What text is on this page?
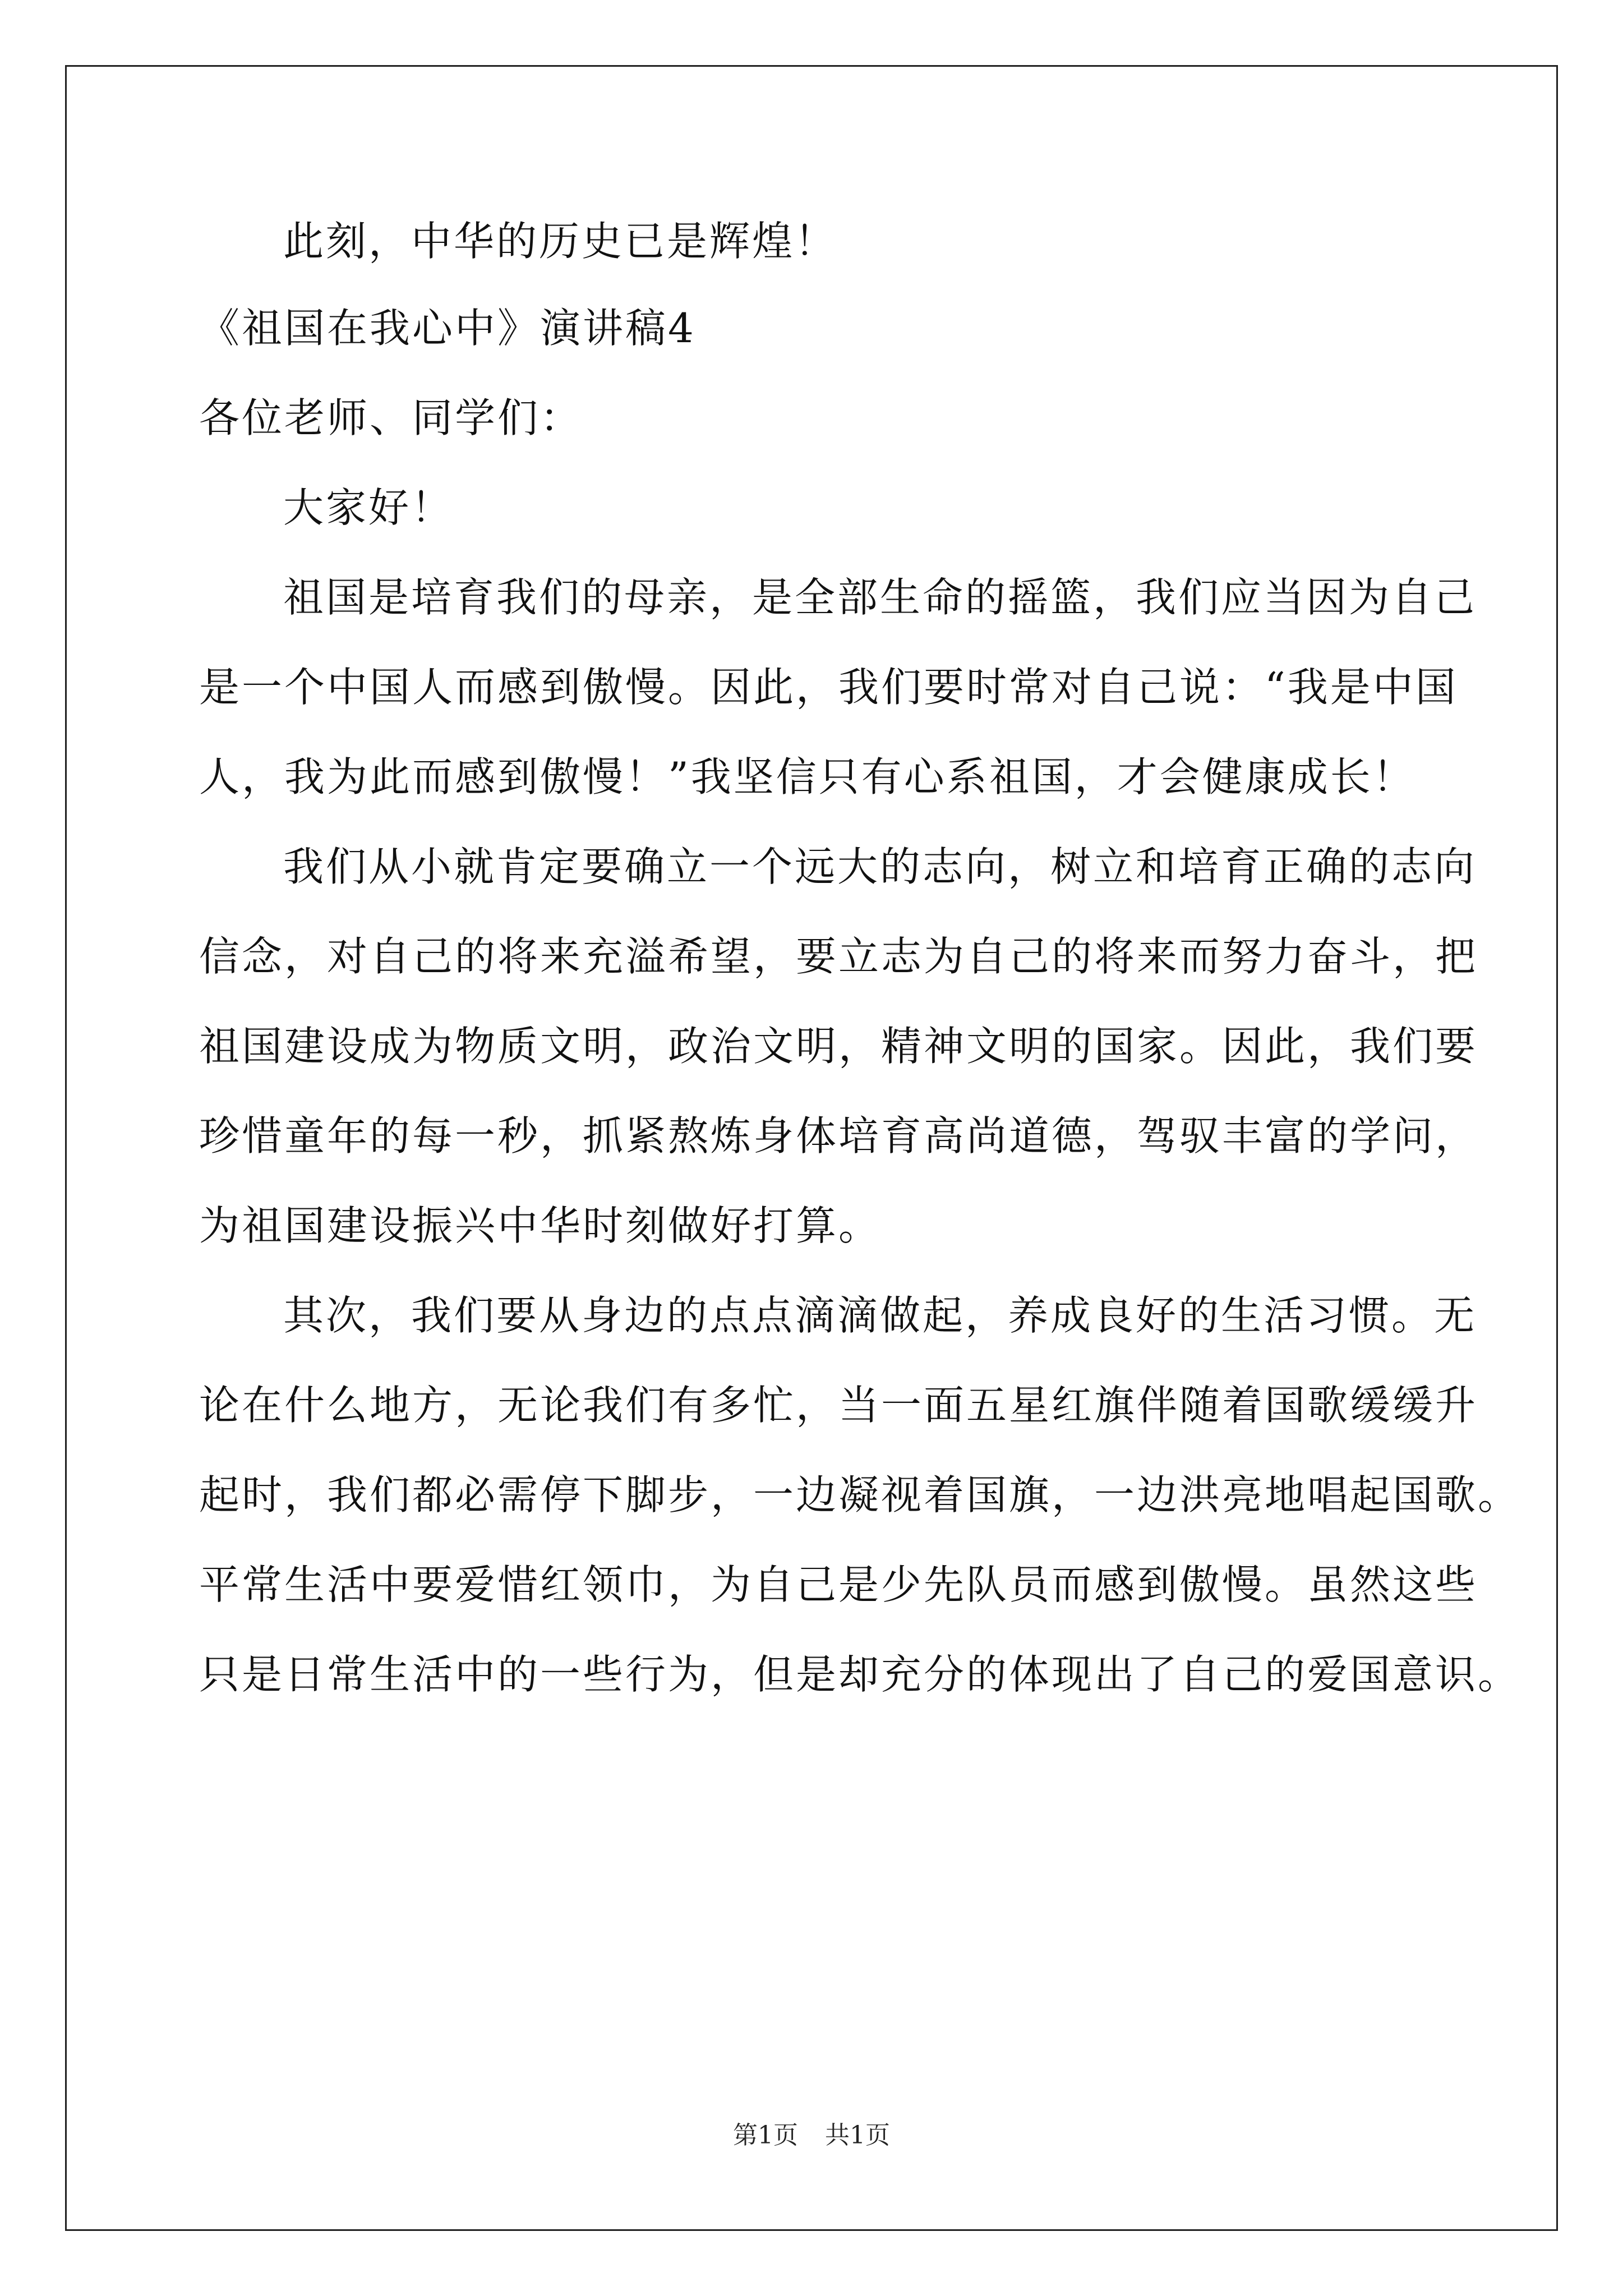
此刻，中华的历史已是辉煌！
《祖国在我心中》演讲稿4
各位老师、同学们：
大家好！
祖国是培育我们的母亲，是全部生命的摇篮，我们应当因为自己
是一个中国人而感到傲慢。因此，我们要时常对自己说：“我是中国
人，我为此而感到傲慢！”我坚信只有心系祖国，才会健康成长！
我们从小就肯定要确立一个远大的志向，树立和培育正确的志向
信念，对自己的将来充溢希望，要立志为自己的将来而努力奋斗，把
祖国建设成为物质文明，政治文明，精神文明的国家。因此，我们要
珍惜童年的每一秒，抓紧熬炼身体培育高尚道德，驾驭丰富的学问，
为祖国建设振兴中华时刻做好打算。
其次，我们要从身边的点点滴滴做起，养成良好的生活习惯。无
论在什么地方，无论我们有多忙，当一面五星红旗伴随着国歌缓缓升
起时，我们都必需停下脚步，一边凝视着国旗，一边洪亮地唱起国歌。
平常生活中要爱惜红领巾，为自己是少先队员而感到傲慢。虽然这些
只是日常生活中的一些行为，但是却充分的体现出了自己的爱国意识。
第1页 共1页
